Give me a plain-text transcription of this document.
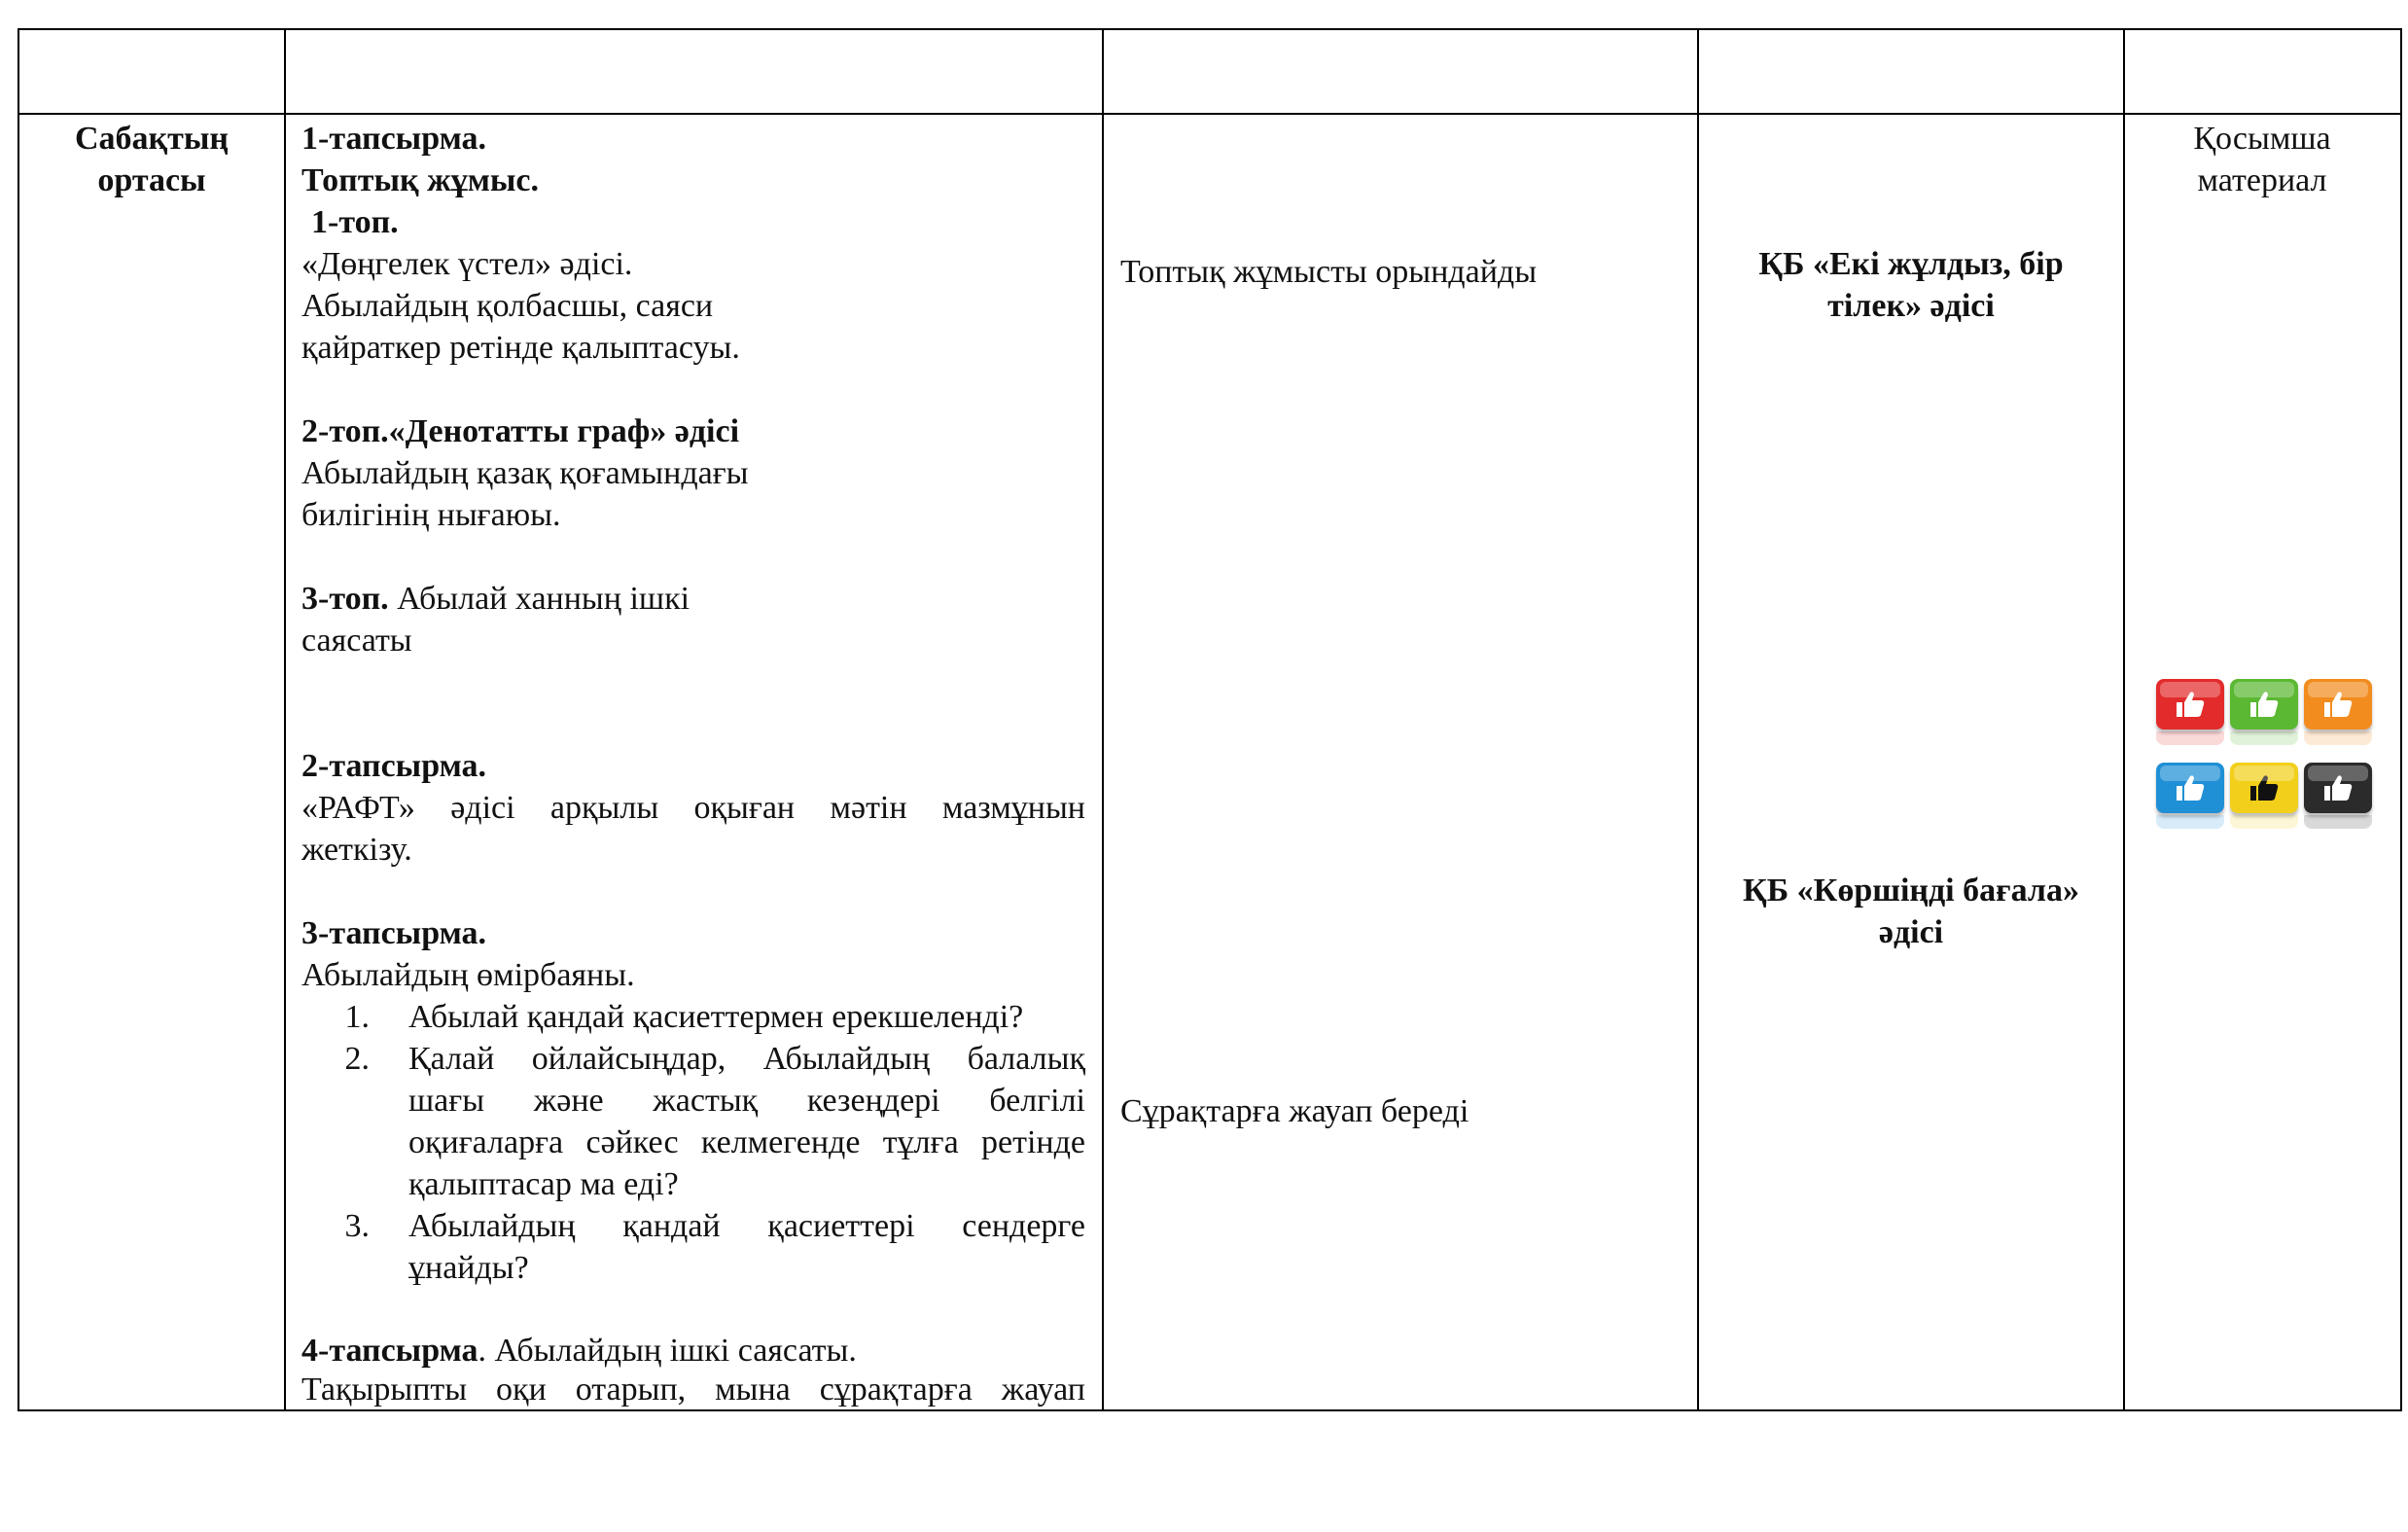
Сабақтың
ортасы
1-тапсырма.
Топтық жұмыс.
1-топ.
«Дөңгелек үстел» әдісі.
Абылайдың қолбасшы, саяси
қайраткер ретінде қалыптасуы.
2-топ.«Денотатты граф» әдісі
Абылайдың қазақ қоғамындағы
билігінің нығаюы.
3-топ. Абылай ханның ішкі
саясаты
2-тапсырма.
«РАФТ» әдісі арқылы оқыған мәтін мазмұнын
жеткізу.
3-тапсырма.
Абылайдың өмірбаяны.
1. Абылай қандай қасиеттермен ерекшеленді?
2. Қалай ойлайсыңдар, Абылайдың балалық
шағы және жастық кезеңдері белгілі
оқиғаларға сәйкес келмегенде тұлға ретінде
қалыптасар ма еді?
3. Абылайдың қандай қасиеттері сендерге
ұнайды?
4-тапсырма. Абылайдың ішкі саясаты.
Тақырыпты оқи отарып, мына сұрақтарға жауап
Топтық жұмысты орындайды
Сұрақтарға жауап береді
ҚБ «Екі жұлдыз, бір
тілек» әдісі
ҚБ «Көршіңді бағала»
әдісі
Қосымша
материал
